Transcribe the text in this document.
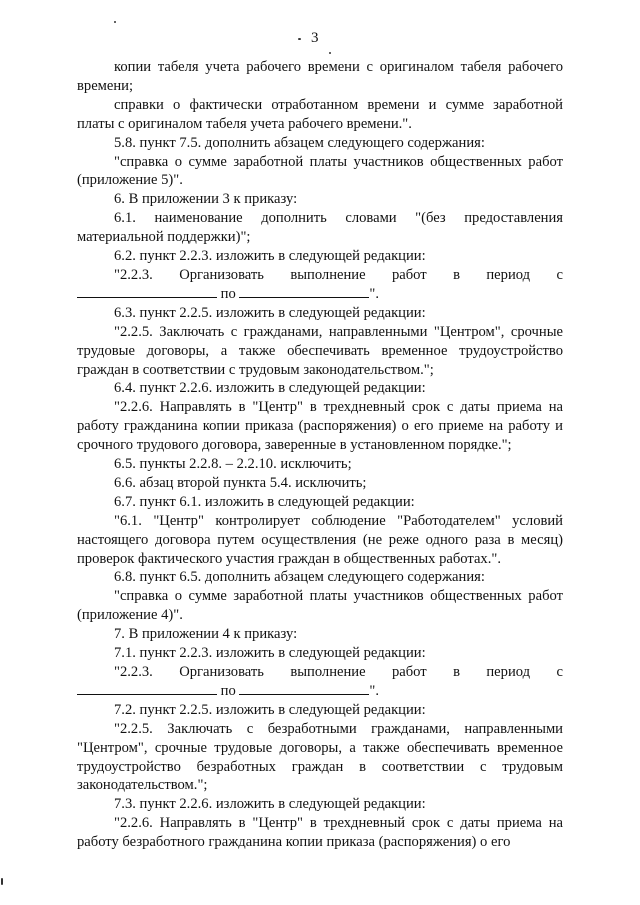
3

копии табеля учета рабочего времени с оригиналом табеля рабочего времени;

справки о фактически отработанном времени и сумме заработной платы с оригиналом табеля учета рабочего времени.".

5.8. пункт 7.5. дополнить абзацем следующего содержания:

"справка о сумме заработной платы участников общественных работ (приложение 5)".

6. В приложении 3 к приказу:

6.1. наименование дополнить словами "(без предоставления материальной поддержки)";

6.2. пункт 2.2.3. изложить в следующей редакции:

"2.2.3. Организовать выполнение работ в период с
по	".

6.3. пункт 2.2.5. изложить в следующей редакции:

"2.2.5. Заключать с гражданами, направленными "Центром", срочные трудовые договоры, а также обеспечивать временное трудоустройство граждан в соответствии с трудовым законодательством.";

6.4. пункт 2.2.6. изложить в следующей редакции:

"2.2.6. Направлять в "Центр" в трехдневный срок с даты приема на работу гражданина копии приказа (распоряжения) о его приеме на работу и срочного трудового договора, заверенные в установленном порядке.";

6.5. пункты 2.2.8. – 2.2.10. исключить;

6.6. абзац второй пункта 5.4. исключить;

6.7. пункт 6.1. изложить в следующей редакции:

"6.1. "Центр" контролирует соблюдение "Работодателем" условий настоящего договора путем осуществления (не реже одного раза в месяц) проверок фактического участия граждан в общественных работах.".

6.8. пункт 6.5. дополнить абзацем следующего содержания:

"справка о сумме заработной платы участников общественных работ (приложение 4)".

7. В приложении 4 к приказу:

7.1. пункт 2.2.3. изложить в следующей редакции:

"2.2.3. Организовать выполнение работ в период с
по	".

7.2. пункт 2.2.5. изложить в следующей редакции:

"2.2.5. Заключать с безработными гражданами, направленными "Центром", срочные трудовые договоры, а также обеспечивать временное трудоустройство безработных граждан в соответствии с трудовым законодательством.";

7.3. пункт 2.2.6. изложить в следующей редакции:

"2.2.6. Направлять в "Центр" в трехдневный срок с даты приема на работу безработного гражданина копии приказа (распоряжения) о его
